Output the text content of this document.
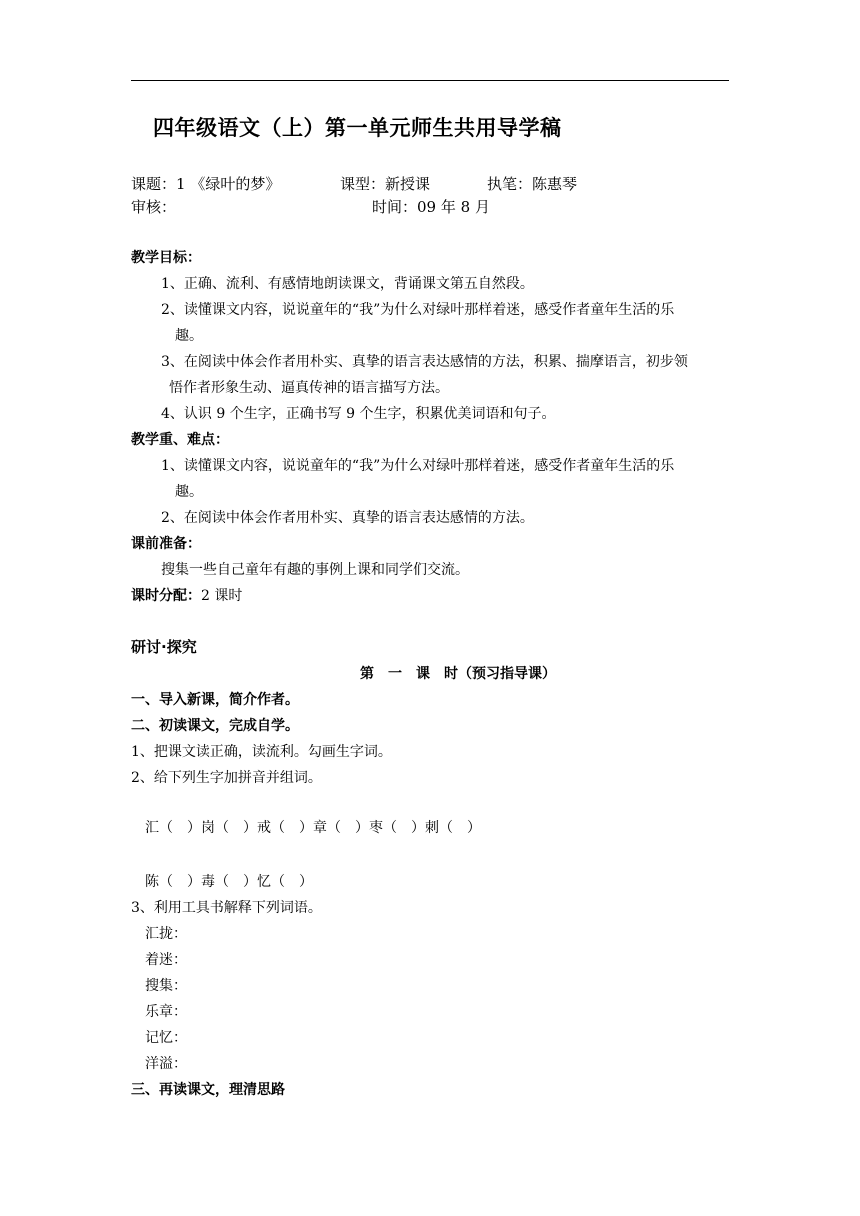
四年级语文（上）第一单元师生共用导学稿
课题：1 《绿叶的梦》	课型：新授课	执笔：陈惠琴
审核：	时间：09 年 8 月
教学目标：
1、正确、流利、有感情地朗读课文，背诵课文第五自然段。
2、读懂课文内容，说说童年的“我”为什么对绿叶那样着迷，感受作者童年生活的乐
趣。
3、在阅读中体会作者用朴实、真挚的语言表达感情的方法，积累、揣摩语言，初步领
悟作者形象生动、逼真传神的语言描写方法。
4、认识 9 个生字，正确书写 9 个生字，积累优美词语和句子。
教学重、难点：
1、读懂课文内容，说说童年的“我”为什么对绿叶那样着迷，感受作者童年生活的乐
趣。
2、在阅读中体会作者用朴实、真挚的语言表达感情的方法。
课前准备：
搜集一些自己童年有趣的事例上课和同学们交流。
课时分配：2 课时
研讨·探究
第　一　课　时（预习指导课）
一、导入新课，简介作者。
二、初读课文，完成自学。
1、把课文读正确，读流利。勾画生字词。
2、给下列生字加拼音并组词。
汇（　）岗（　）戒（　）章（　）枣（　）刺（　）
陈（　）毒（　）忆（　）
3、利用工具书解释下列词语。
汇拢：
着迷：
搜集：
乐章：
记忆：
洋溢：
三、再读课文，理清思路
